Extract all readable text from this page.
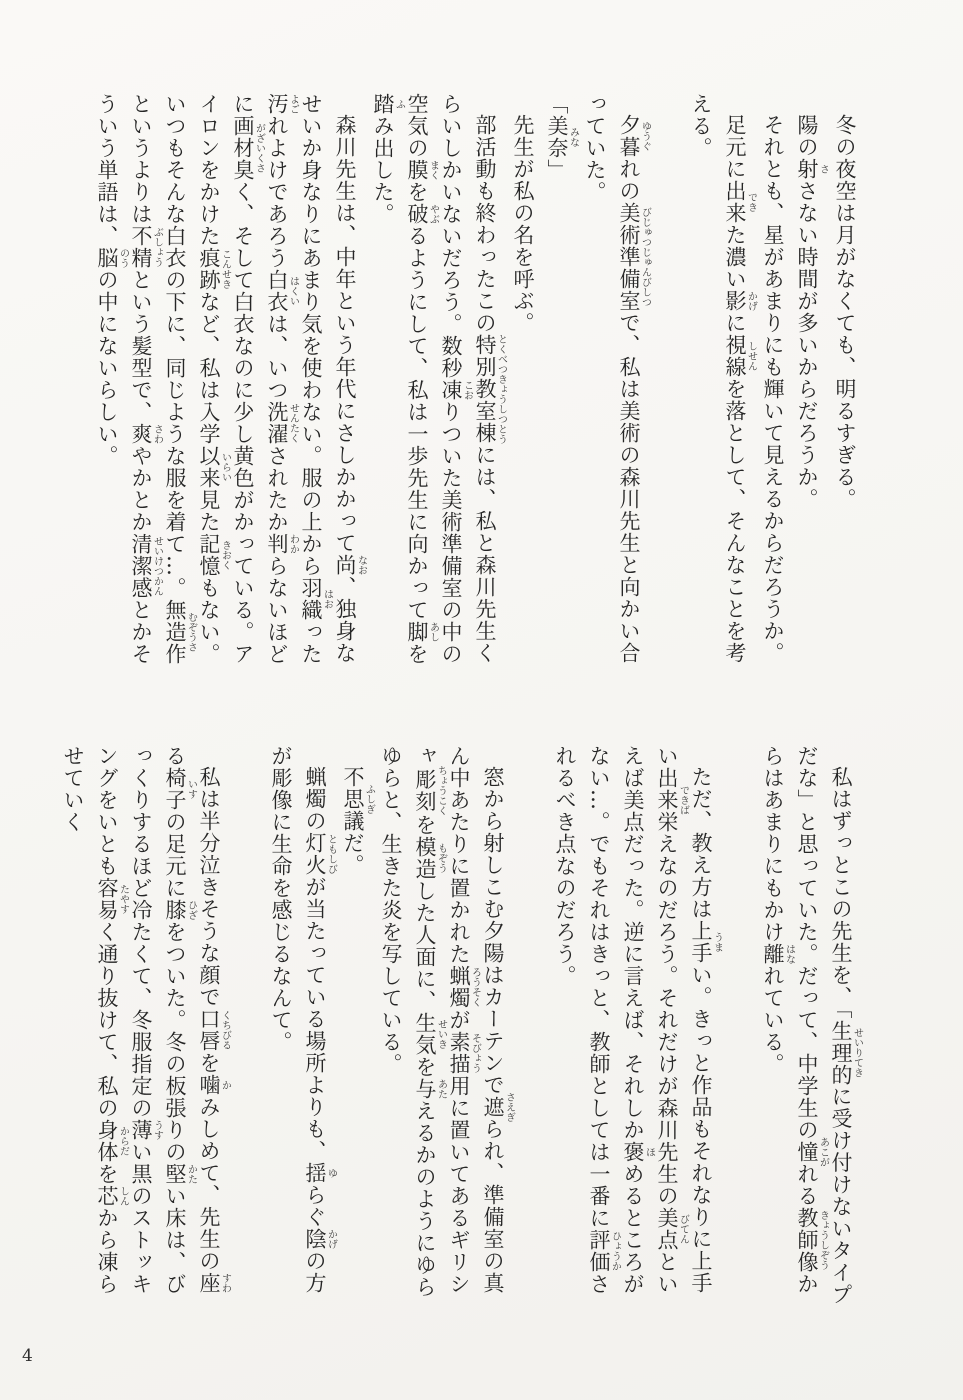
冬の夜空は月がなくても、明るすぎる。

陽の射ささない時間が多いからだろうか。

それとも、星があまりにも輝いて見えるからだろうか。

足元に出来できた濃い影かげに視線しせんを落として、そんなことを考える。

夕暮ゆうぐれの美術準備室びじゅつじゅんびしつで、私は美術の森川先生と向かい合っていた。

「美奈みな」

先生が私の名を呼ぶ。

部活動も終わったこの特別教室棟とくべつきょうしつとうには、私と森川先生くらいしかいないだろう。数秒凍こおりついた美術準備室の中の空気の膜まくを破やぶるようにして、私は一歩先生に向かって脚あしを踏ふみ出した。

森川先生は、中年という年代にさしかかって尚なお、独身なせいか身なりにあまり気を使わない。服の上から羽織はおった汚よごれよけであろう白衣はくいは、いつ洗濯せんたくされたか判わからないほどに画材臭がざいくさく、そして白衣なのに少し黄色がかっている。アイロンをかけた痕跡こんせきなど、私は入学以来いらい見た記憶きおくもない。いつもそんな白衣の下に、同じような服を着て…。無造作むぞうさというよりは不精ぶしょうという髪型で、爽さわやかとか清潔感せいけつかんとかそういう単語は、脳のうの中にないらしい。

私はずっとこの先生を、「生理的せいりてきに受け付けないタイプだな」と思っていた。だって、中学生の憧あこがれる教師像きょうしぞうからはあまりにもかけ離はなれている。

ただ、教え方は上手うまい。きっと作品もそれなりに上手い出来栄できばえなのだろう。それだけが森川先生の美点びてんといえば美点だった。逆に言えば、それしか褒ほめるところがない…。でもそれはきっと、教師としては一番に評価ひょうかされるべき点なのだろう。

窓から射しこむ夕陽はカーテンで遮さえぎられ、準備室の真ん中あたりに置かれた蝋燭ろうそくが素描そびょう用に置いてあるギリシャ彫刻ちょうこくを模造もぞうした人面に、生気せいきを与あたえるかのようにゆらゆらと、生きた炎を写している。

不思議ふしぎだ。

蝋燭の灯火ともしびが当たっている場所よりも、揺ゆらぐ陰かげの方が彫像に生命を感じるなんて。

私は半分泣きそうな顔で口唇くちびるを噛かみしめて、先生の座すわる椅子いすの足元に膝ひざをついた。冬の板張りの堅かたい床は、びっくりするほど冷たくて、冬服指定の薄うすい黒のストッキングをいとも容易たやすく通り抜けて、私の身体からだを芯しんから凍らせていく

4
